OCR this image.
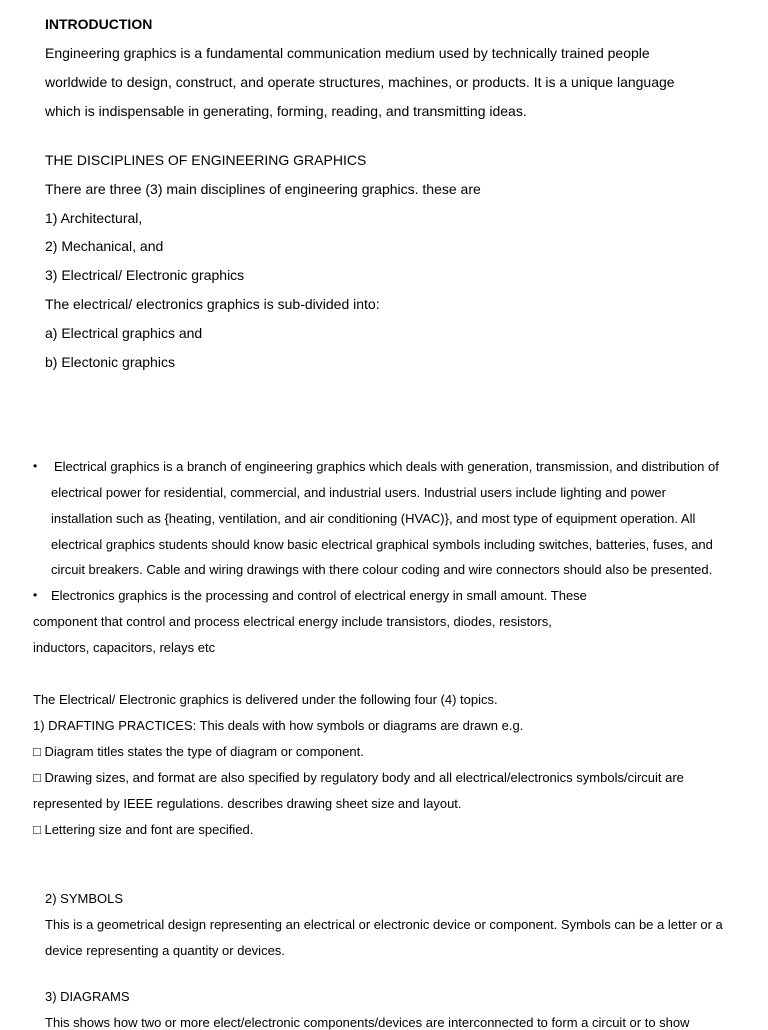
INTRODUCTION

Engineering graphics is a fundamental communication medium used by technically trained people

worldwide to design, construct, and operate structures, machines, or products. It is a unique language

which is indispensable in generating, forming, reading, and transmitting ideas.

THE DISCIPLINES OF ENGINEERING GRAPHICS

There are three (3) main disciplines of engineering graphics. these are

1) Architectural,

2) Mechanical, and

3) Electrical/ Electronic graphics

The electrical/ electronics graphics is sub-divided into:

a) Electrical graphics and

b) Electonic graphics

• Electrical graphics is a branch of engineering graphics which deals with generation, transmission, and distribution of

electrical power for residential, commercial, and industrial users. Industrial users include lighting and power

installation such as {heating, ventilation, and air conditioning (HVAC)}, and most type of equipment operation. All

electrical graphics students should know basic electrical graphical symbols including switches, batteries, fuses, and

circuit breakers. Cable and wiring drawings with there colour coding and wire connectors should also be presented.

• Electronics graphics is the processing and control of electrical energy in small amount. These

component that control and process electrical energy include transistors, diodes, resistors,

inductors, capacitors, relays etc

The Electrical/ Electronic graphics is delivered under the following four (4) topics.

1) DRAFTING PRACTICES: This deals with how symbols or diagrams are drawn e.g.

□ Diagram titles states the type of diagram or component.

□ Drawing sizes, and format are also specified by regulatory body and all electrical/electronics symbols/circuit are

represented by IEEE regulations. describes drawing sheet size and layout.

□ Lettering size and font are specified.

2) SYMBOLS

This is a geometrical design representing an electrical or electronic device or component. Symbols can be a letter or a

device representing a quantity or devices.

3) DIAGRAMS

This shows how two or more elect/electronic components/devices are interconnected to form a circuit or to show
